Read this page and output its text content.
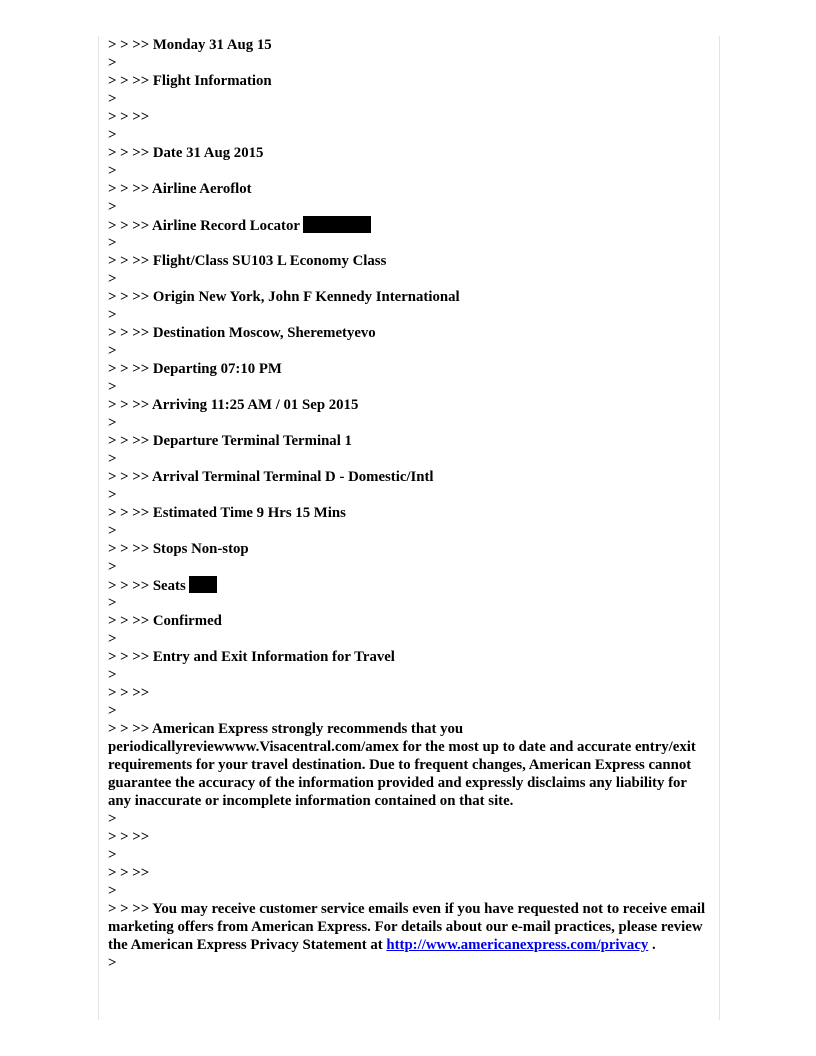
> > >> Monday 31 Aug 15
>
> > >> Flight Information
>
> > >>
>
> > >> Date 31 Aug 2015
>
> > >> Airline Aeroflot
>
> > >> Airline Record Locator
>
> > >> Flight/Class SU103 L Economy Class
>
> > >> Origin New York, John F Kennedy International
>
> > >> Destination Moscow, Sheremetyevo
>
> > >> Departing 07:10 PM
>
> > >> Arriving 11:25 AM / 01 Sep 2015
>
> > >> Departure Terminal Terminal 1
>
> > >> Arrival Terminal Terminal D - Domestic/Intl
>
> > >> Estimated Time 9 Hrs 15 Mins
>
> > >> Stops Non-stop
>
> > >> Seats
>
> > >> Confirmed
>
> > >> Entry and Exit Information for Travel
>
> > >>
>
> > >> American Express strongly recommends that you periodicallyreviewwww.Visacentral.com/amex for the most up to date and accurate entry/exit requirements for your travel destination. Due to frequent changes, American Express cannot guarantee the accuracy of the information provided and expressly disclaims any liability for any inaccurate or incomplete information contained on that site.
>
> > >>
>
> > >>
>
> > >> You may receive customer service emails even if you have requested not to receive email marketing offers from American Express. For details about our e-mail practices, please review the American Express Privacy Statement at http://www.americanexpress.com/privacy .
>
